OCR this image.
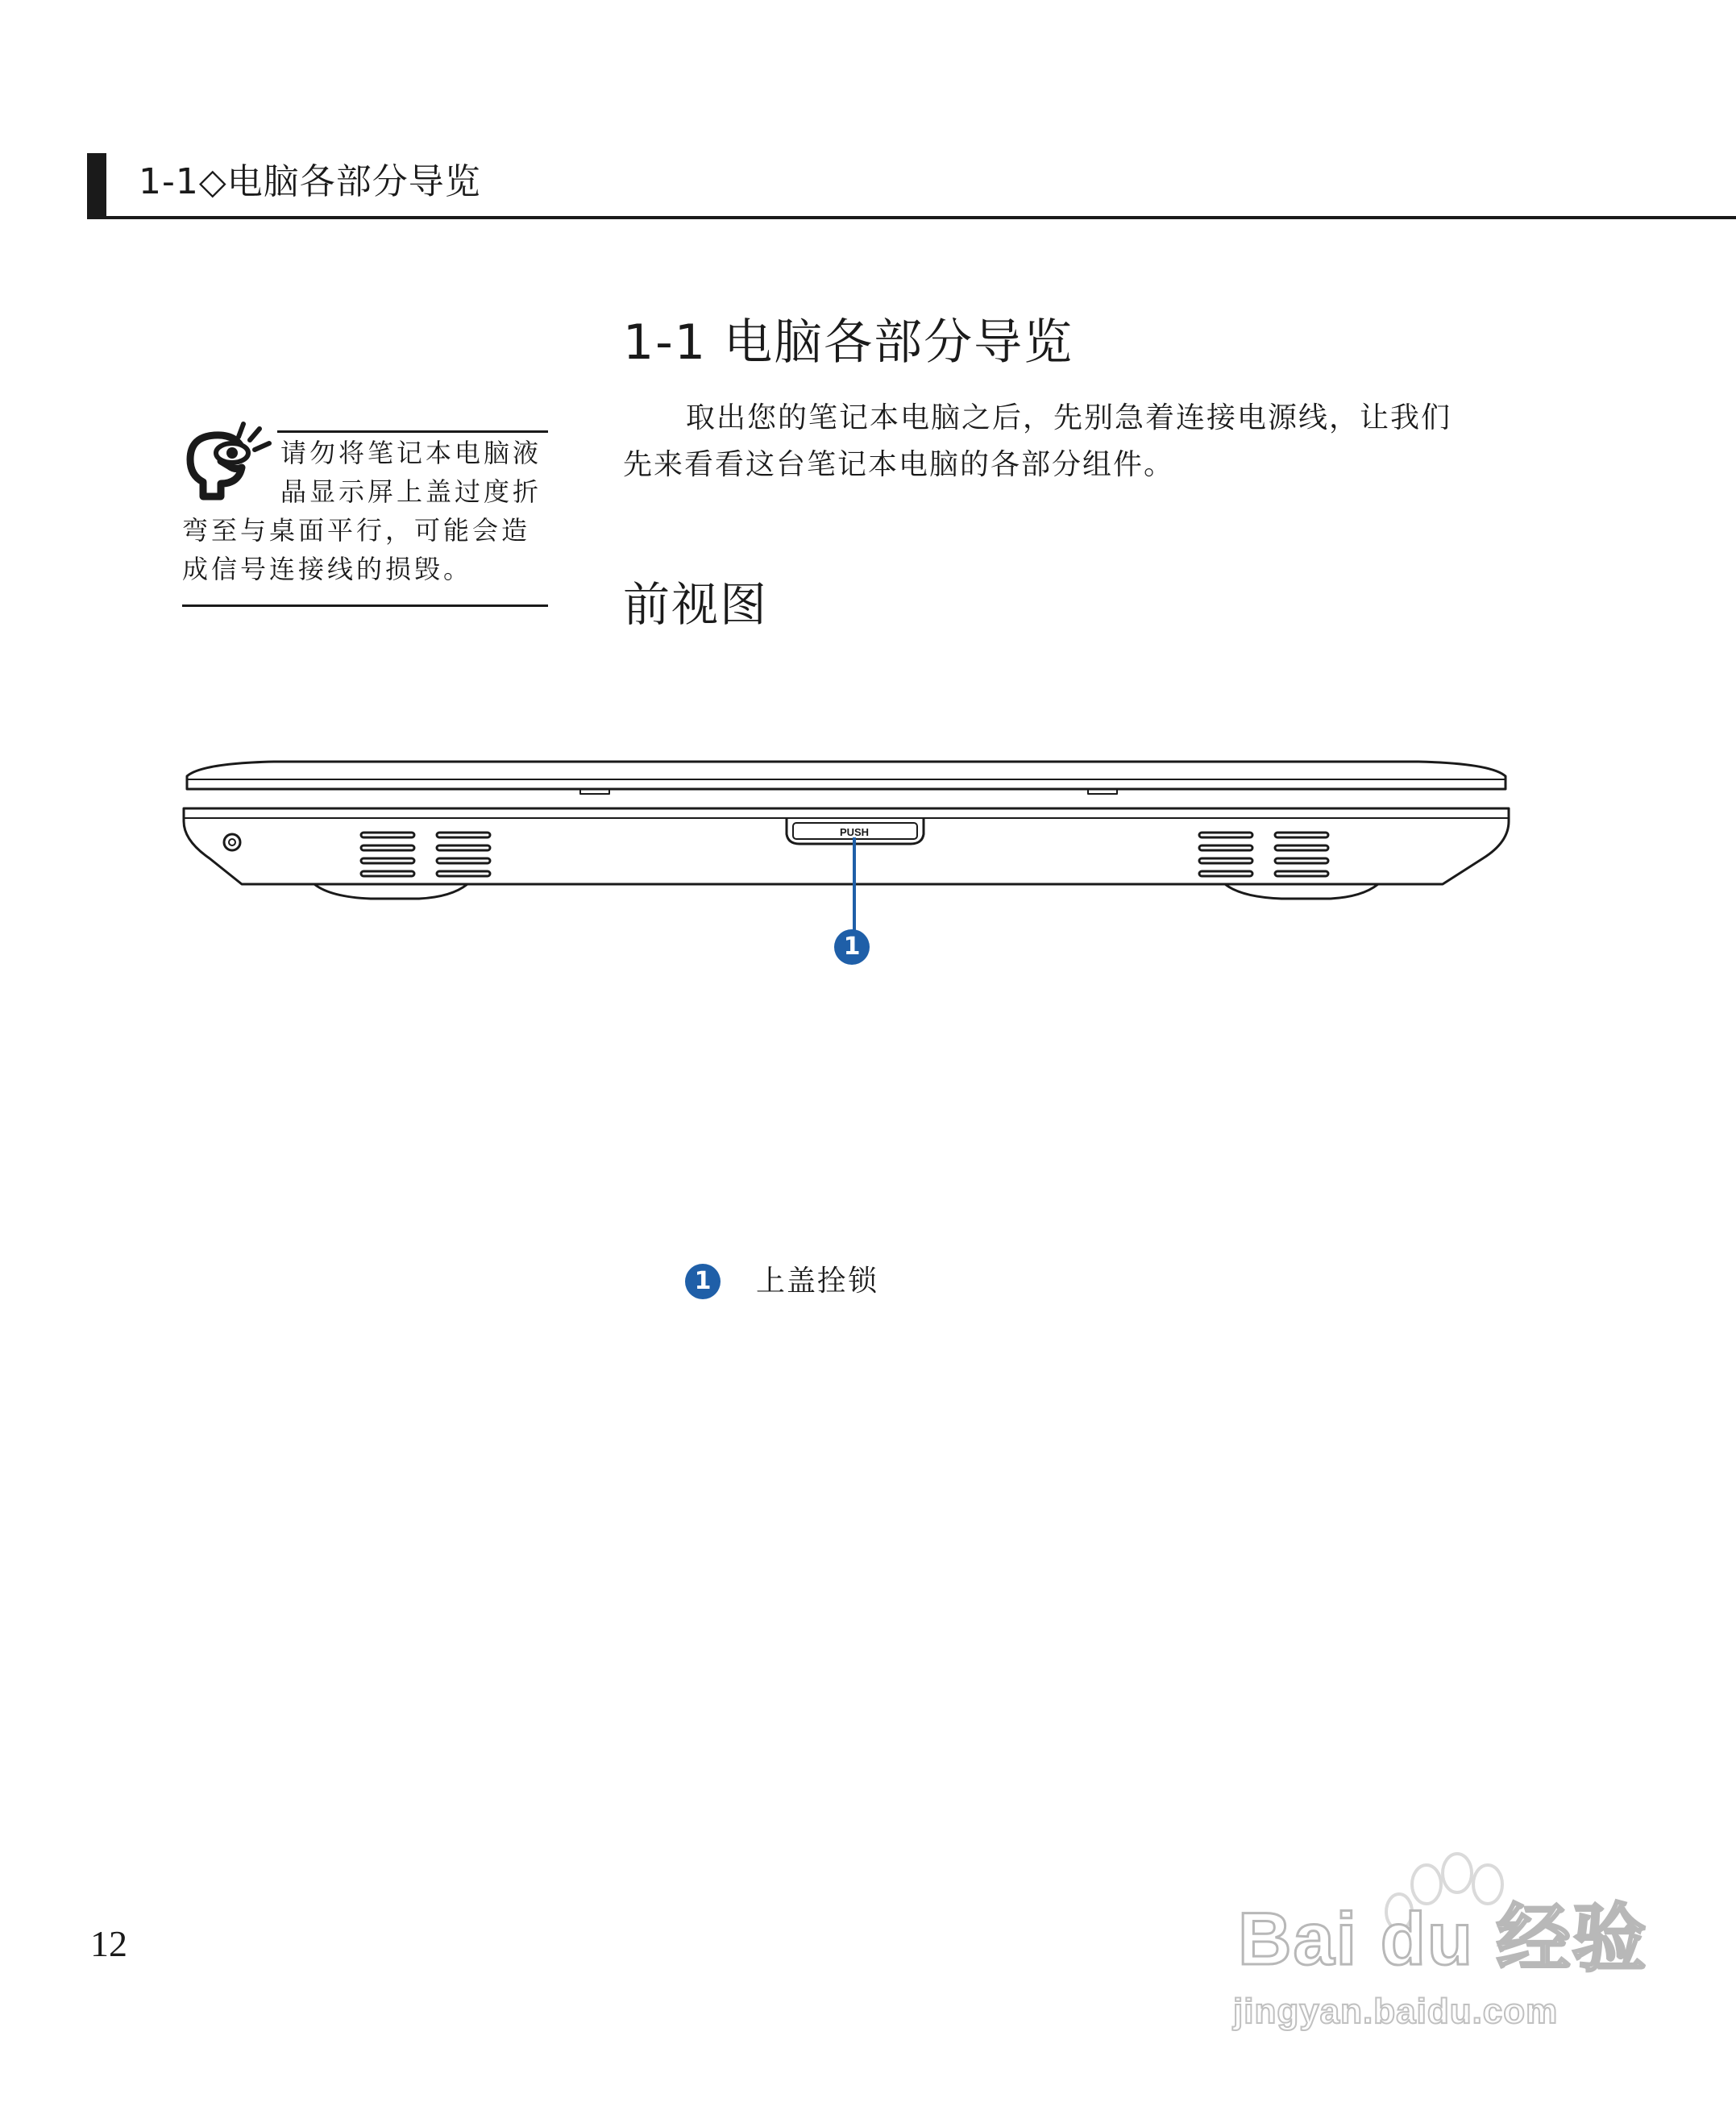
1-1◇电脑各部分导览
请勿将笔记本电脑液
晶显示屏上盖过度折
弯至与桌面平行，可能会造
成信号连接线的损毁。
1-1 电脑各部分导览
取出您的笔记本电脑之后，先别急着连接电源线，让我们
先来看看这台笔记本电脑的各部分组件。
前视图
PUSH
1
1	上盖拴锁
12	Bai du 经验
jingyan.baidu.com
